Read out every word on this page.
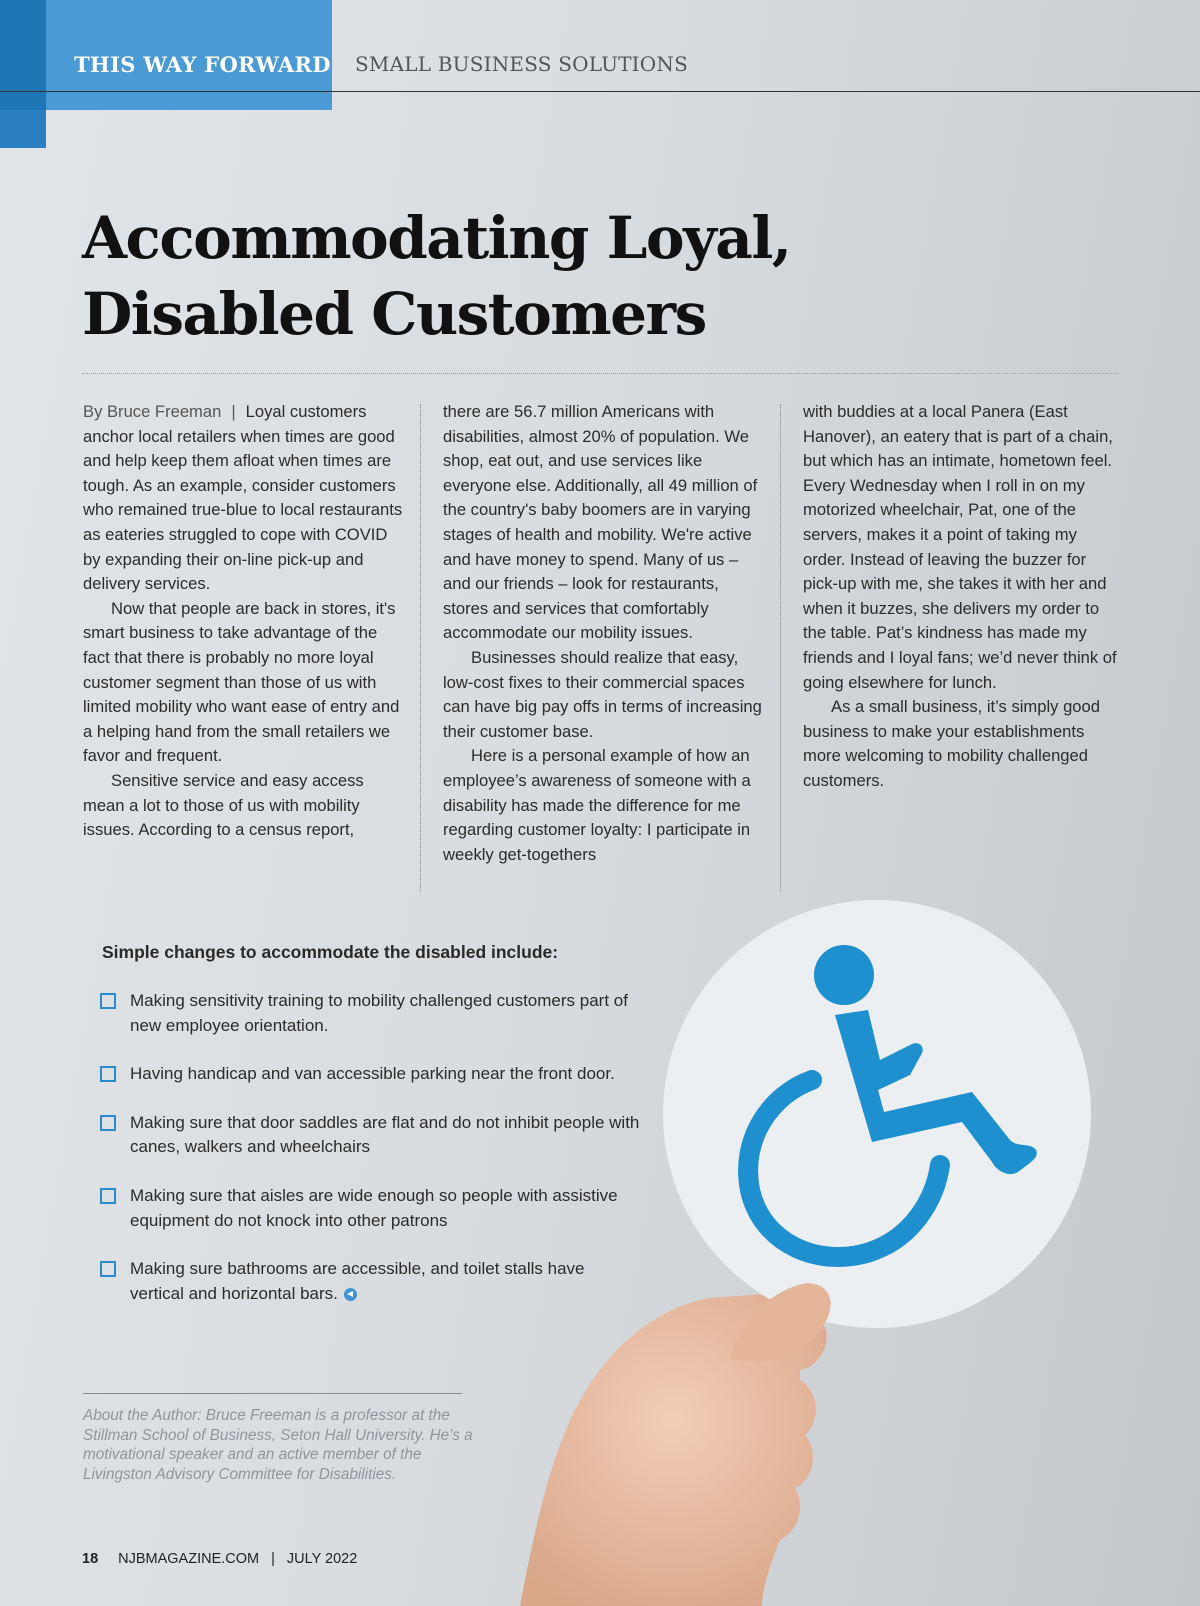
THIS WAY FORWARD SMALL BUSINESS SOLUTIONS
Accommodating Loyal,
Disabled Customers

By Bruce Freeman | Loyal customers anchor local retailers when times are good and help keep them afloat when times are tough. As an example, consider customers who remained true-blue to local restaurants as eateries struggled to cope with COVID by expanding their on-line pick-up and delivery services.

Now that people are back in stores, it's smart business to take advantage of the fact that there is probably no more loyal customer segment than those of us with limited mobility who want ease of entry and a helping hand from the small retailers we favor and frequent.

Sensitive service and easy access mean a lot to those of us with mobility issues. According to a census report,

there are 56.7 million Americans with disabilities, almost 20% of population. We shop, eat out, and use services like everyone else. Additionally, all 49 million of the country's baby boomers are in varying stages of health and mobility. We're active and have money to spend. Many of us – and our friends – look for restaurants, stores and services that comfortably accommodate our mobility issues.

Businesses should realize that easy, low-cost fixes to their commercial spaces can have big pay offs in terms of increasing their customer base.

Here is a personal example of how an employee’s awareness of someone with a disability has made the difference for me regarding customer loyalty: I participate in weekly get-togethers

with buddies at a local Panera (East Hanover), an eatery that is part of a chain, but which has an intimate, hometown feel. Every Wednesday when I roll in on my motorized wheelchair, Pat, one of the servers, makes it a point of taking my order. Instead of leaving the buzzer for pick-up with me, she takes it with her and when it buzzes, she delivers my order to the table. Pat’s kindness has made my friends and I loyal fans; we’d never think of going elsewhere for lunch.

As a small business, it’s simply good business to make your establishments more welcoming to mobility challenged customers.

Simple changes to accommodate the disabled include:
Making sensitivity training to mobility challenged customers part of new employee orientation.
Having handicap and van accessible parking near the front door.
Making sure that door saddles are flat and do not inhibit people with canes, walkers and wheelchairs
Making sure that aisles are wide enough so people with assistive equipment do not knock into other patrons
Making sure bathrooms are accessible, and toilet stalls have vertical and horizontal bars.

About the Author: Bruce Freeman is a professor at the Stillman School of Business, Seton Hall University. He’s a motivational speaker and an active member of the Livingston Advisory Committee for Disabilities.

18 NJBMAGAZINE.COM | JULY 2022
